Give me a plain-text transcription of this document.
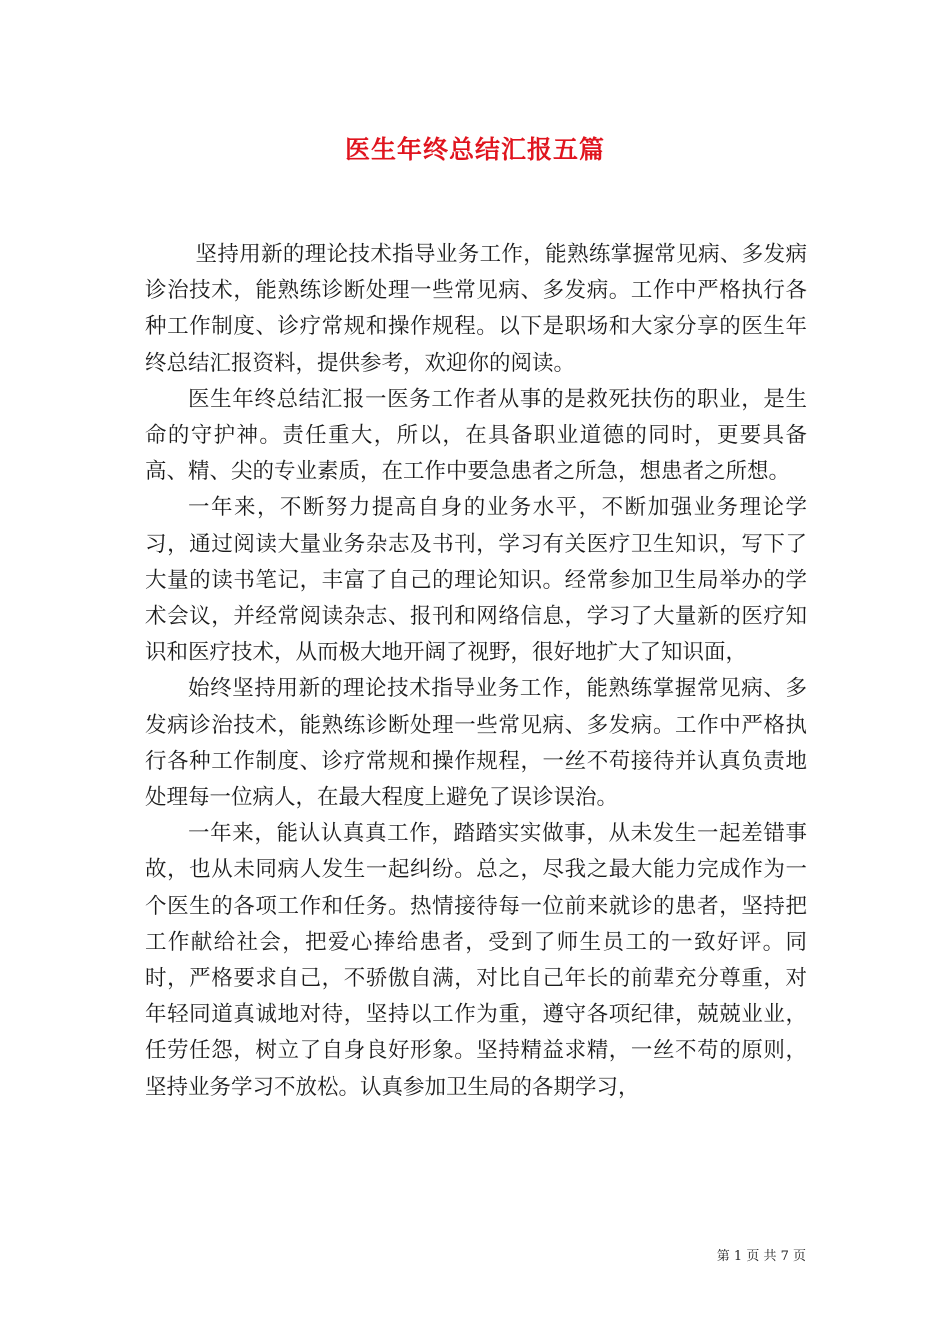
医生年终总结汇报五篇

坚持用新的理论技术指导业务工作，能熟练掌握常见病、多发病诊治技术，能熟练诊断处理一些常见病、多发病。工作中严格执行各种工作制度、诊疗常规和操作规程。以下是职场和大家分享的医生年终总结汇报资料，提供参考，欢迎你的阅读。

医生年终总结汇报一医务工作者从事的是救死扶伤的职业，是生命的守护神。责任重大，所以，在具备职业道德的同时，更要具备高、精、尖的专业素质，在工作中要急患者之所急，想患者之所想。

一年来，不断努力提高自身的业务水平，不断加强业务理论学习，通过阅读大量业务杂志及书刊，学习有关医疗卫生知识，写下了大量的读书笔记，丰富了自己的理论知识。经常参加卫生局举办的学术会议，并经常阅读杂志、报刊和网络信息，学习了大量新的医疗知识和医疗技术，从而极大地开阔了视野，很好地扩大了知识面，

始终坚持用新的理论技术指导业务工作，能熟练掌握常见病、多发病诊治技术，能熟练诊断处理一些常见病、多发病。工作中严格执行各种工作制度、诊疗常规和操作规程，一丝不苟接待并认真负责地处理每一位病人，在最大程度上避免了误诊误治。

一年来，能认认真真工作，踏踏实实做事，从未发生一起差错事故，也从未同病人发生一起纠纷。总之，尽我之最大能力完成作为一个医生的各项工作和任务。热情接待每一位前来就诊的患者，坚持把工作献给社会，把爱心捧给患者，受到了师生员工的一致好评。同时，严格要求自己，不骄傲自满，对比自己年长的前辈充分尊重，对年轻同道真诚地对待，坚持以工作为重，遵守各项纪律，兢兢业业，任劳任怨，树立了自身良好形象。坚持精益求精，一丝不苟的原则，坚持业务学习不放松。认真参加卫生局的各期学习，

第 1 页 共 7 页
